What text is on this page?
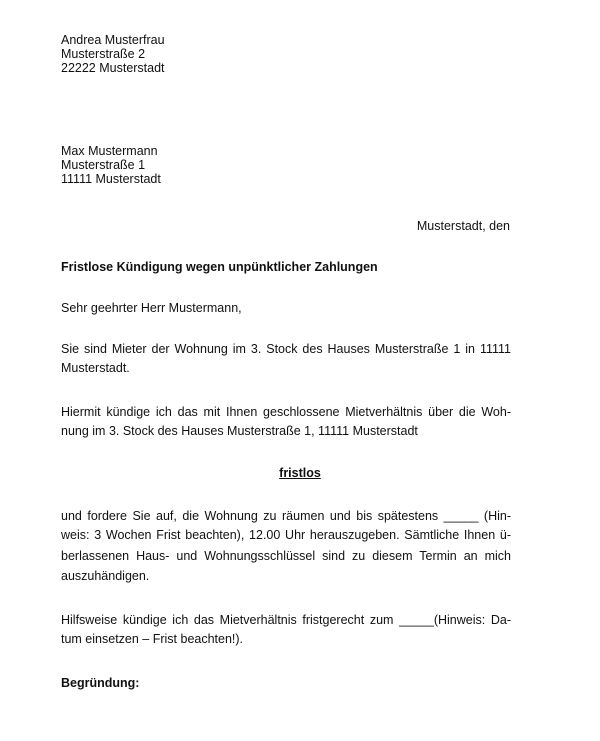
Andrea Musterfrau
Musterstraße 2
22222 Musterstadt
Max Mustermann
Musterstraße 1
11111 Musterstadt
Musterstadt, den
Fristlose Kündigung wegen unpünktlicher Zahlungen
Sehr geehrter Herr Mustermann,
Sie sind Mieter der Wohnung im 3. Stock des Hauses Musterstraße 1 in 11111
Musterstadt.
Hiermit kündige ich das mit Ihnen geschlossene Mietverhältnis über die Woh-
nung im 3. Stock des Hauses Musterstraße 1, 11111 Musterstadt
fristlos
und fordere Sie auf, die Wohnung zu räumen und bis spätestens _____ (Hin-
weis: 3 Wochen Frist beachten), 12.00 Uhr herauszugeben. Sämtliche Ihnen ü-
berlassenen Haus- und Wohnungsschlüssel sind zu diesem Termin an mich
auszuhändigen.
Hilfsweise kündige ich das Mietverhältnis fristgerecht zum _____(Hinweis: Da-
tum einsetzen – Frist beachten!).
Begründung:
